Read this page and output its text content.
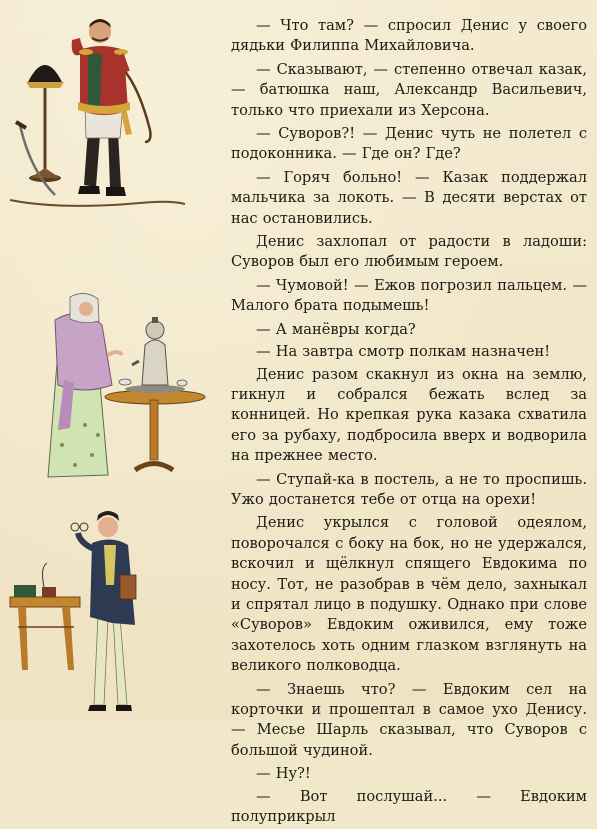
— Что там? — спросил Денис у своего дядьки Филиппа Михайловича.

— Сказывают, — степенно отвечал казак, — батюшка наш, Александр Васильевич, только что приехали из Херсона.

— Суворов?! — Денис чуть не полетел с подоконника. — Где он? Где?

— Горяч больно! — Казак поддержал мальчика за локоть. — В десяти верстах от нас остановились.

Денис захлопал от радости в ладоши: Суворов был его любимым героем.

— Чумовой! — Ежов погрозил пальцем. — Малого брата подымешь!

— А манёвры когда?

— На завтра смотр полкам назначен!

Денис разом скакнул из окна на землю, гикнул и собрался бежать вслед за конницей. Но крепкая рука казака схватила его за рубаху, подбросила вверх и водворила на прежнее место.

— Ступай-ка в постель, а не то проспишь. Ужо достанется тебе от отца на орехи!

Денис укрылся с головой одеялом, поворочался с боку на бок, но не удержался, вскочил и щёлкнул спящего Евдокима по носу. Тот, не разобрав в чём дело, захныкал и спрятал лицо в подушку. Однако при слове «Суворов» Евдоким оживился, ему тоже захотелось хоть одним глазком взглянуть на великого полководца.

— Знаешь что? — Евдоким сел на корточки и прошептал в самое ухо Денису. — Месье Шарль сказывал, что Суворов с большой чудиной.

— Ну?!

— Вот послушай... — Евдоким полуприкрыл
